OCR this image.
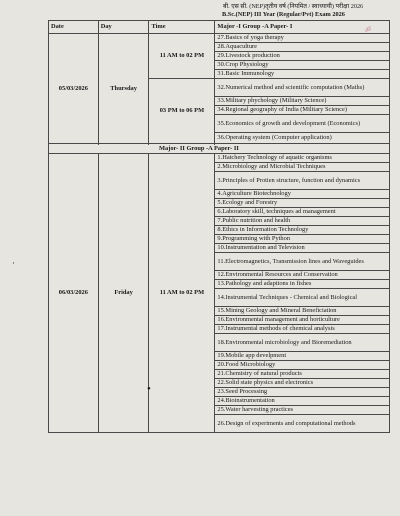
बी. एस सी. (NEP)तृतीय वर्ष (नियमित / स्वाध्यायी) परीक्षा 2026
B.Sc.(NEP) III Year (Regular/Pvt) Exam 2026
ॐ
Date	Day	Time	Major -I Group -A Paper- I
05/03/2026	Thursday	11 AM to 02 PM	27.Basics of yoga therapy
			28.Aquaculture
			29.Livestock production
			30.Crop Physiology
			31.Basic Immunology
		03 PM to 06 PM	32.Numerical method and scientific computation (Maths)
			33.Military phychology (Military Science)
			34.Regional geography of India (Military Science)
			35.Economics of growth and development (Economics)
			36.Operating system (Computer application)

Major- II Group -A Paper- II			
06/03/2026	Friday	11 AM to 02 PM	1.Hatchery Technology of aquatic organisms
			2.Microbiology and Microbial Techniques
			3.Principles of Protien structure, function and dynamics
			4.Agriculture Biotechnology
			5.Ecology and Forestry
			6.Laboratory skill, techniques ad management
			7.Public nutrition and health
			8.Ethics in Information Technology
			9.Programming with Python
			10.Instrumentation and Television
			11.Electromagnetics, Transmission lines and Waveguides
			12.Environmental Resources and Conservation
			13.Pathology and adaptions in fishes
			14.Instrumental Techniques - Chemical and Biological
			15.Mining Geology and Mineral Beneficiation
			16.Environmental management and horticulture
			17.Instrumental methods of chemical analysis
			18.Environmental microbiology and Bioremediation
			19.Mobile app develpment
			20.Food Microbiology
			21.Chemistry of natural products
			22.Solid state physics and electronics
			23.Seed Processing
			24.Bioinstrumentation
			25.Water harvesting practices
			26.Design of experiments and computational methods
·
•
